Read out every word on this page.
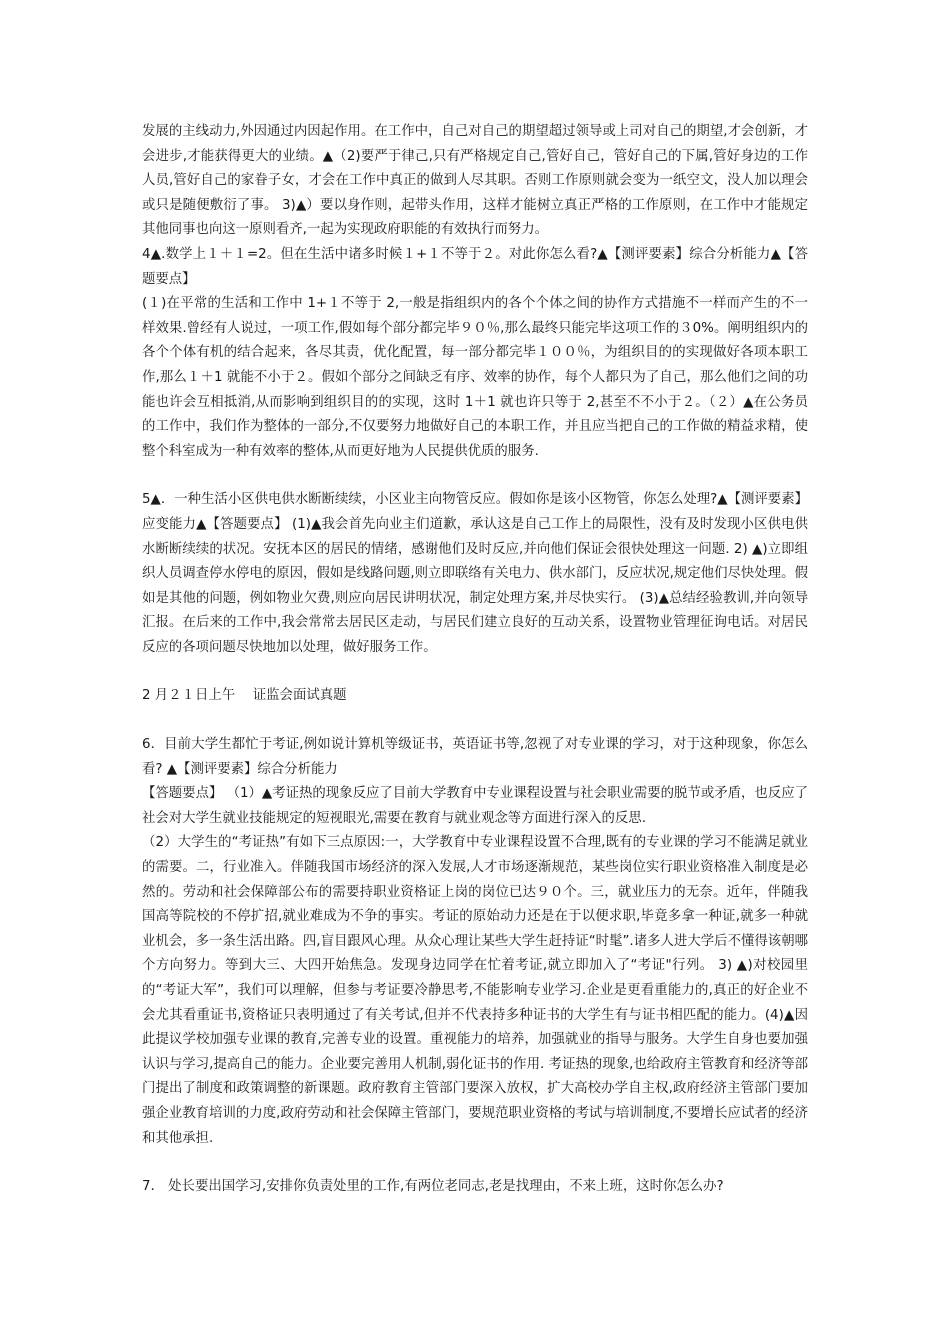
发展的主线动力,外因通过内因起作用。在工作中，自己对自己的期望超过领导或上司对自己的期望,才会创新，才会进步,才能获得更大的业绩。▲（2)要严于律己,只有严格规定自己,管好自己，管好自己的下属,管好身边的工作人员,管好自己的家眷子女，才会在工作中真正的做到人尽其职。否则工作原则就会变为一纸空文，没人加以理会或只是随便敷衍了事。 3)▲）要以身作则，起带头作用，这样才能树立真正严格的工作原则，在工作中才能规定其他同事也向这一原则看齐,一起为实现政府职能的有效执行而努力。

4▲.数学上１＋１=2。但在生活中诸多时候１+１不等于２。对此你怎么看?▲【测评要素】综合分析能力▲【答题要点】

(１)在平常的生活和工作中 1+１不等于 2,一般是指组织内的各个个体之间的协作方式措施不一样而产生的不一样效果.曾经有人说过，一项工作,假如每个部分都完毕９０％,那么最终只能完毕这项工作的３0%。阐明组织内的各个个体有机的结合起来，各尽其责，优化配置，每一部分都完毕１００％，为组织目的的实现做好各项本职工作,那么１＋1 就能不小于２。假如个部分之间缺乏有序、效率的协作，每个人都只为了自己，那么他们之间的功能也许会互相抵消,从而影响到组织目的的实现，这时 1＋1 就也许只等于 2,甚至不不小于２。（２）▲在公务员的工作中，我们作为整体的一部分,不仅要努力地做好自己的本职工作，并且应当把自己的工作做的精益求精，使整个科室成为一种有效率的整体,从而更好地为人民提供优质的服务.

5▲．一种生活小区供电供水断断续续，小区业主向物管反应。假如你是该小区物管，你怎么处理?▲【测评要素】应变能力▲【答题要点】 (1)▲我会首先向业主们道歉，承认这是自己工作上的局限性，没有及时发现小区供电供水断断续续的状况。安抚本区的居民的情绪，感谢他们及时反应,并向他们保证会很快处理这一问题. 2) ▲)立即组织人员调查停水停电的原因，假如是线路问题,则立即联络有关电力、供水部门，反应状况,规定他们尽快处理。假如是其他的问题，例如物业欠费,则应向居民讲明状况，制定处理方案,并尽快实行。 (3)▲总结经验教训,并向领导汇报。在后来的工作中,我会常常去居民区走动，与居民们建立良好的互动关系，设置物业管理征询电话。对居民反应的各项问题尽快地加以处理，做好服务工作。

2 月２１日上午　 证监会面试真题

6．目前大学生都忙于考证,例如说计算机等级证书，英语证书等,忽视了对专业课的学习，对于这种现象，你怎么看? ▲【测评要素】综合分析能力

【答题要点】 （1）▲考证热的现象反应了目前大学教育中专业课程设置与社会职业需要的脱节或矛盾，也反应了社会对大学生就业技能规定的短视眼光,需要在教育与就业观念等方面进行深入的反思.

（2）大学生的“考证热”有如下三点原因:一，大学教育中专业课程设置不合理,既有的专业课的学习不能满足就业的需要。二，行业准入。伴随我国市场经济的深入发展,人才市场逐渐规范，某些岗位实行职业资格准入制度是必然的。劳动和社会保障部公布的需要持职业资格证上岗的岗位已达９０个。三，就业压力的无奈。近年，伴随我国高等院校的不停扩招,就业难成为不争的事实。考证的原始动力还是在于以便求职,毕竟多拿一种证,就多一种就业机会，多一条生活出路。四,盲目跟风心理。从众心理让某些大学生赶持证“时髦”.诸多人进大学后不懂得该朝哪个方向努力。等到大三、大四开始焦急。发现身边同学在忙着考证,就立即加入了“考证"行列。 3) ▲)对校园里的“考证大军”，我们可以理解，但参与考证要冷静思考,不能影响专业学习.企业是更看重能力的,真正的好企业不会尤其看重证书,资格证只表明通过了有关考试,但并不代表持多种证书的大学生有与证书相匹配的能力。(4)▲因此提议学校加强专业课的教育,完善专业的设置。重视能力的培养，加强就业的指导与服务。大学生自身也要加强认识与学习,提高自己的能力。企业要完善用人机制,弱化证书的作用. 考证热的现象,也给政府主管教育和经济等部门提出了制度和政策调整的新课题。政府教育主管部门要深入放权，扩大高校办学自主权,政府经济主管部门要加强企业教育培训的力度,政府劳动和社会保障主管部门，要规范职业资格的考试与培训制度,不要增长应试者的经济和其他承担.

7.　处长要出国学习,安排你负责处里的工作,有两位老同志,老是找理由，不来上班，这时你怎么办?
